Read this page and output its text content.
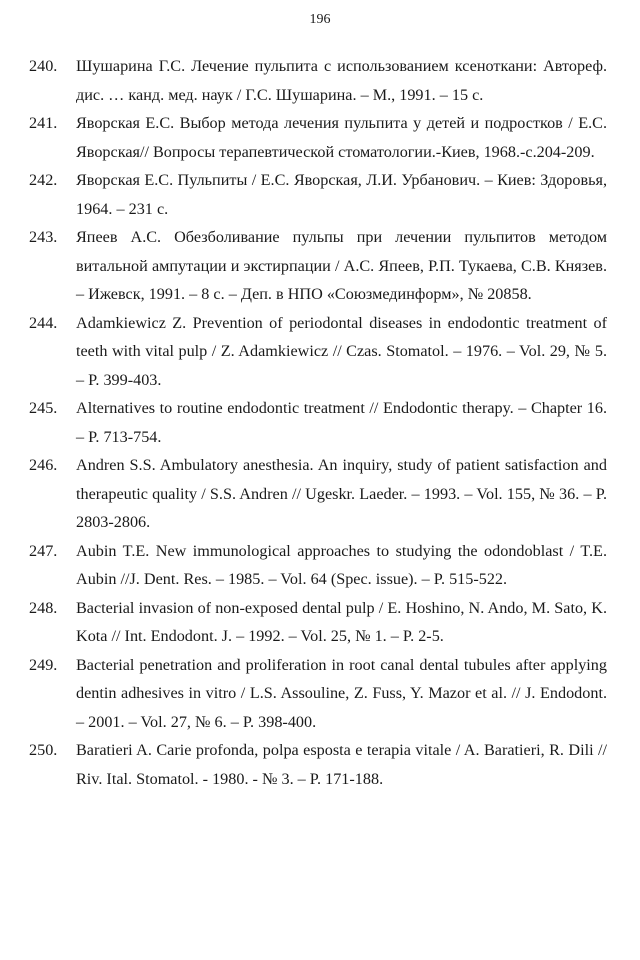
196
240. Шушарина Г.С. Лечение пульпита с использованием ксеноткани: Автореф. дис. … канд. мед. наук / Г.С. Шушарина. – М., 1991. – 15 с.
241. Яворская Е.С. Выбор метода лечения пульпита у детей и подростков / Е.С. Яворская// Вопросы терапевтической стоматологии.-Киев, 1968.-с.204-209.
242. Яворская Е.С. Пульпиты / Е.С. Яворская, Л.И. Урбанович. – Киев: Здоровья, 1964. – 231 с.
243. Япеев А.С. Обезболивание пульпы при лечении пульпитов методом витальной ампутации и экстирпации / А.С. Япеев, Р.П. Тукаева, С.В. Князев. – Ижевск, 1991. – 8 с. – Деп. в НПО «Союзмединформ», № 20858.
244. Adamkiewicz Z. Prevention of periodontal diseases in endodontic treatment of teeth with vital pulp / Z. Adamkiewicz // Czas. Stomatol. – 1976. – Vol. 29, № 5. – P. 399-403.
245. Alternatives to routine endodontic treatment // Endodontic therapy. – Chapter 16. – P. 713-754.
246. Andren S.S. Ambulatory anesthesia. An inquiry, study of patient satisfaction and therapeutic quality / S.S. Andren // Ugeskr. Laeder. – 1993. – Vol. 155, № 36. – P. 2803-2806.
247. Aubin T.E. New immunological approaches to studying the odondoblast / T.E. Aubin //J. Dent. Res. – 1985. – Vol. 64 (Spec. issue). – P. 515-522.
248. Bacterial invasion of non-exposed dental pulp / E. Hoshino, N. Ando, M. Sato, K. Kota // Int. Endodont. J. – 1992. – Vol. 25, № 1. – P. 2-5.
249. Bacterial penetration and proliferation in root canal dental tubules after applying dentin adhesives in vitro / L.S. Assouline, Z. Fuss, Y. Mazor et al. // J. Endodont. – 2001. – Vol. 27, № 6. – P. 398-400.
250. Baratieri A. Carie profonda, polpa esposta e terapia vitale / A. Baratieri, R. Dili // Riv. Ital. Stomatol. - 1980. - № 3. – P. 171-188.
